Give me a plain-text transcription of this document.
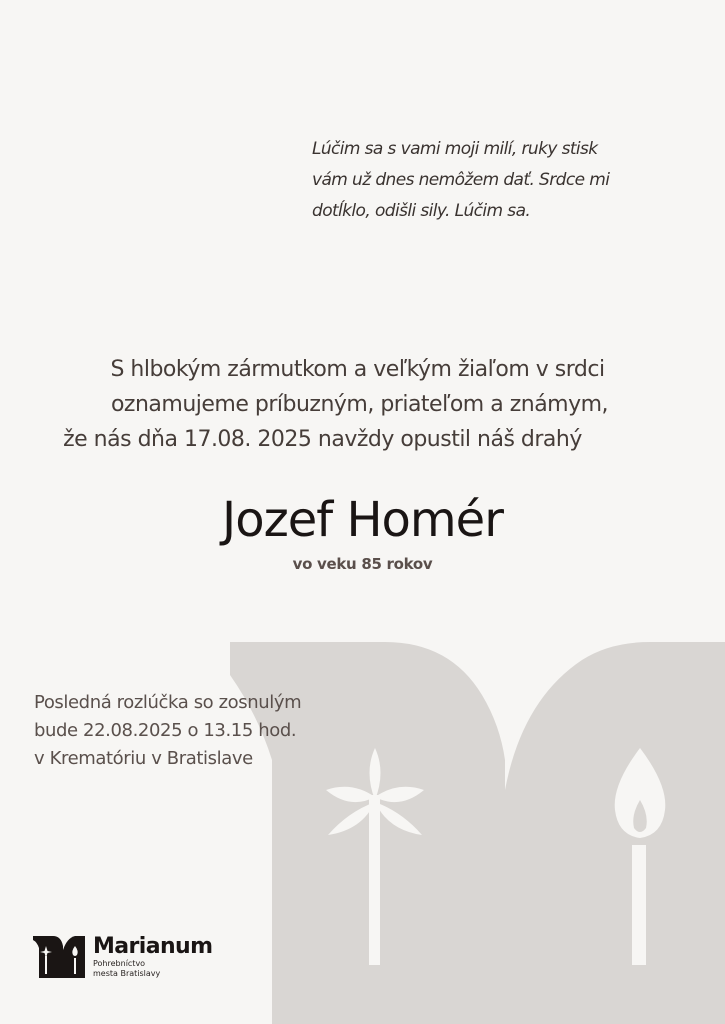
Lúčim sa s vami moji milí, ruky stisk
vám už dnes nemôžem dať. Srdce mi
dotĺklo, odišli sily. Lúčim sa.
S hlbokým zármutkom a veľkým žiaľom v srdci
oznamujeme príbuzným, priateľom a známym,
že nás dňa 17.08. 2025 navždy opustil náš drahý
Jozef Homér
vo veku 85 rokov
Posledná rozlúčka so zosnulým
bude 22.08.2025 o 13.15 hod.
v Krematóriu v Bratislave
Marianum
Pohrebníctvo
mesta Bratislavy
